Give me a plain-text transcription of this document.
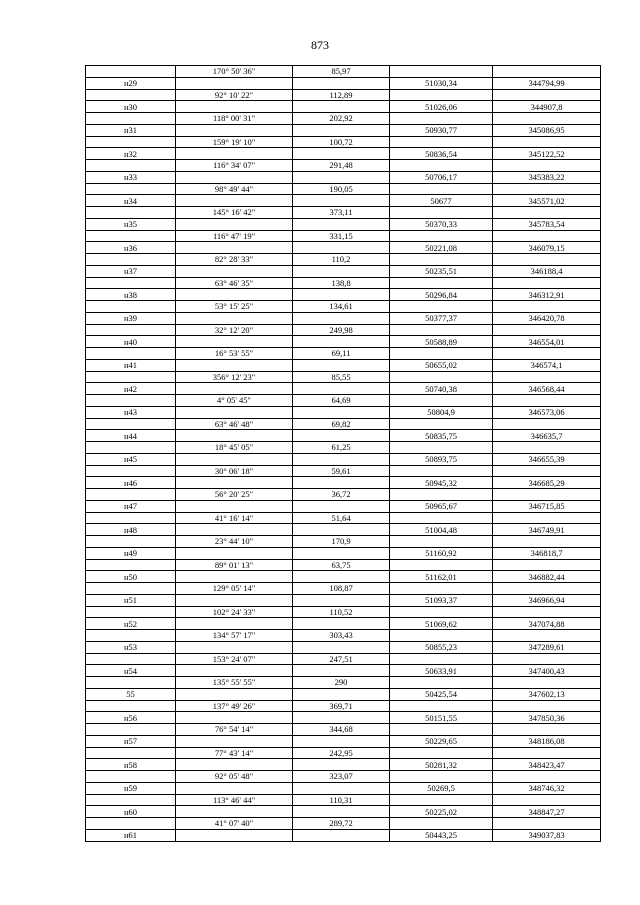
873
	170° 50' 36"	85,97		
н29			51030,34	344794,99
	92° 10' 22"	112,89		
н30			51026,06	344907,8
	118° 00' 31"	202,92		
н31			50930,77	345086,95
	159° 19' 10"	100,72		
н32			50836,54	345122,52
	116° 34' 07"	291,48		
н33			50706,17	345383,22
	98° 49' 44"	190,05		
н34			50677	345571,02
	145° 16' 42"	373,11		
н35			50370,33	345783,54
	116° 47' 19"	331,15		
н36			50221,08	346079,15
	82° 28' 33"	110,2		
н37			50235,51	346188,4
	63° 46' 35"	138,8		
н38			50296,84	346312,91
	53° 15' 25"	134,61		
н39			50377,37	346420,78
	32° 12' 20"	249,98		
н40			50588,89	346554,01
	16° 53' 55"	69,11		
н41			50655,02	346574,1
	356° 12' 23"	85,55		
н42			50740,38	346568,44
	4° 05' 45"	64,69		
н43			50804,9	346573,06
	63° 46' 48"	69,82		
н44			50835,75	346635,7
	18° 45' 05"	61,25		
н45			50893,75	346655,39
	30° 06' 18"	59,61		
н46			50945,32	346685,29
	56° 20' 25"	36,72		
н47			50965,67	346715,85
	41° 16' 14"	51,64		
н48			51004,48	346749,91
	23° 44' 10"	170,9		
н49			51160,92	346818,7
	89° 01' 13"	63,75		
н50			51162,01	346882,44
	129° 05' 14"	108,87		
н51			51093,37	346966,94
	102° 24' 33"	110,52		
н52			51069,62	347074,88
	134° 57' 17"	303,43		
н53			50855,23	347289,61
	153° 24' 07"	247,51		
н54			50633,91	347400,43
	135° 55' 55"	290		
55			50425,54	347602,13
	137° 49' 26"	369,71		
н56			50151,55	347850,36
	76° 54' 14"	344,68		
н57			50229,65	348186,08
	77° 43' 14"	242,95		
н58			50281,32	348423,47
	92° 05' 48"	323,07		
н59			50269,5	348746,32
	113° 46' 44"	110,31		
н60			50225,02	348847,27
	41° 07' 40"	289,72		
н61			50443,25	349037,83
